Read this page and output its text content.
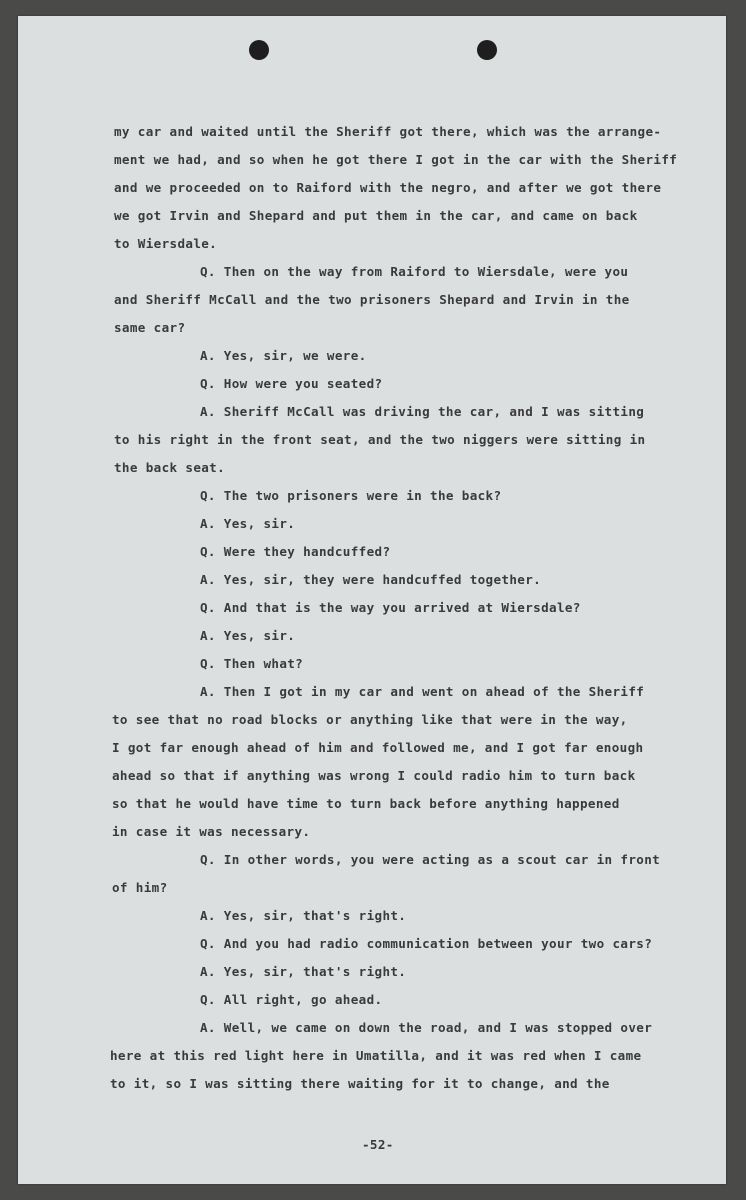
my car and waited until the Sheriff got there, which was the arrange-
ment we had, and so when he got there I got in the car with the Sheriff
and we proceeded on to Raiford with the negro, and after we got there
we got Irvin and Shepard and put them in the car, and came on back
to Wiersdale.
Q. Then on the way from Raiford to Wiersdale, were you
and Sheriff McCall and the two prisoners Shepard and Irvin in the
same car?
A. Yes, sir, we were.
Q. How were you seated?
A. Sheriff McCall was driving the car, and I was sitting
to his right in the front seat, and the two niggers were sitting in
the back seat.
Q. The two prisoners were in the back?
A. Yes, sir.
Q. Were they handcuffed?
A. Yes, sir, they were handcuffed together.
Q. And that is the way you arrived at Wiersdale?
A. Yes, sir.
Q. Then what?
A. Then I got in my car and went on ahead of the Sheriff
to see that no road blocks or anything like that were in the way,
I got far enough ahead of him and followed me, and I got far enough
ahead so that if anything was wrong I could radio him to turn back
so that he would have time to turn back before anything happened
in case it was necessary.
Q. In other words, you were acting as a scout car in front
of him?
A. Yes, sir, that's right.
Q. And you had radio communication between your two cars?
A. Yes, sir, that's right.
Q. All right, go ahead.
A. Well, we came on down the road, and I was stopped over
here at this red light here in Umatilla, and it was red when I came
to it, so I was sitting there waiting for it to change, and the
-52-
